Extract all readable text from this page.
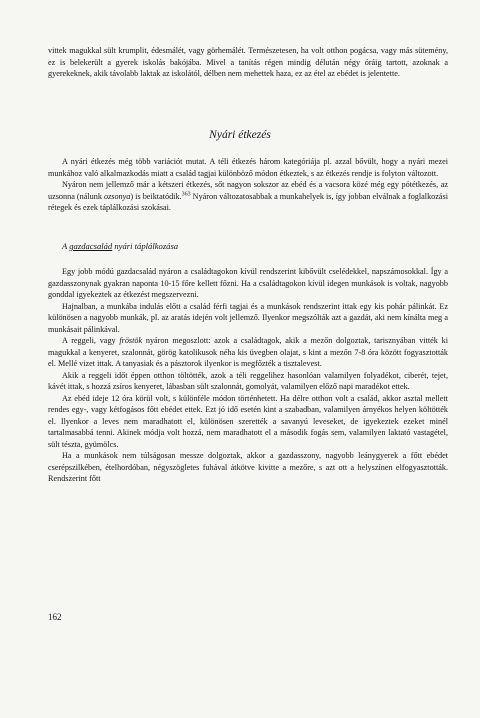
vittek magukkal sült krumplit, édesmálét, vagy görhemálét. Természetesen, ha volt otthon pogácsa, vagy más sütemény, ez is belekerült a gyerek iskolás bakójába. Mivel a tanítás régen mindig délután négy óráig tartott, azoknak a gyerekeknek, akik távolabb laktak az iskolától, délben nem mehettek haza, ez az étel az ebédet is jelentette.

Nyári étkezés

A nyári étkezés még több variációt mutat. A téli étkezés három kategóriája pl. azzal bővült, hogy a nyári mezei munkához való alkalmazkodás miatt a család tagjai különböző módon étkeztek, s az étkezés rendje is folyton változott.

Nyáron nem jellemző már a kétszeri étkezés, sőt nagyon sokszor az ebéd és a vacsora közé még egy pótétkezés, az uzsonna (nálunk ozsonya) is beiktatódik.$^{363}$ Nyáron változatosabbak a munkahelyek is, így jobban elválnak a foglalkozási rétegek és ezek táplálkozási szokásai.

A gazdacsalád nyári táplálkozása

Egy jobb módú gazdacsalád nyáron a családtagokon kívül rendszerint kibővült cselédekkel, napszámosokkal. Így a gazdasszonynak gyakran naponta 10-15 főre kellett főzni. Ha a családtagokon kívül idegen munkások is voltak, nagyobb gonddal igyekeztek az étkezést megszervezni.

Hajnalban, a munkába indulás előtt a család férfi tagjai és a munkások rendszerint ittak egy kis pohár pálinkát. Ez különösen a nagyobb munkák, pl. az aratás idején volt jellemző. Ilyenkor megszólták azt a gazdát, aki nem kínálta meg a munkásait pálinkával.

A reggeli, vagy fröstök nyáron megoszlott: azok a családtagok, akik a mezőn dolgoztak, tarisznyában vitték ki magukkal a kenyeret, szalonnát, görög katolikusok néha kis üvegben olajat, s kint a mezőn 7-8 óra között fogyasztották el. Mellé vizet ittak. A tanyasiak és a pásztorok ilyenkor is megfőzték a tisztalevest.

Akik a reggeli időt éppen otthon töltötték, azok a téli reggelihez hasonlóan valamilyen folyadékot, ciberét, tejet, kávét ittak, s hozzá zsíros kenyeret, lábasban sült szalonnát, gomolyát, valamilyen előző napi maradékot ettek.

Az ebéd ideje 12 óra körül volt, s különféle módon történhetett. Ha délre otthon volt a család, akkor asztal mellett rendes egy-, vagy kétfogásos főtt ebédet ettek. Ezt jó idő esetén kint a szabadban, valamilyen árnyékos helyen költötték el. Ilyenkor a leves nem maradhatott el, különösen szerették a savanyú leveseket, de igyekeztek ezeket minél tartalmasabbá tenni. Akinek módja volt hozzá, nem maradhatott el a második fogás sem, valamilyen laktató vastagétel, sült tészta, gyümölcs.

Ha a munkások nem túlságosan messze dolgoztak, akkor a gazdasszony, nagyobb leánygyerek a főtt ebédet cserépszilkében, ételhordóban, négyszögletes fuhával átkötve kivitte a mezőre, s azt ott a helyszínen elfogyasztották. Rendszerint főtt

162
